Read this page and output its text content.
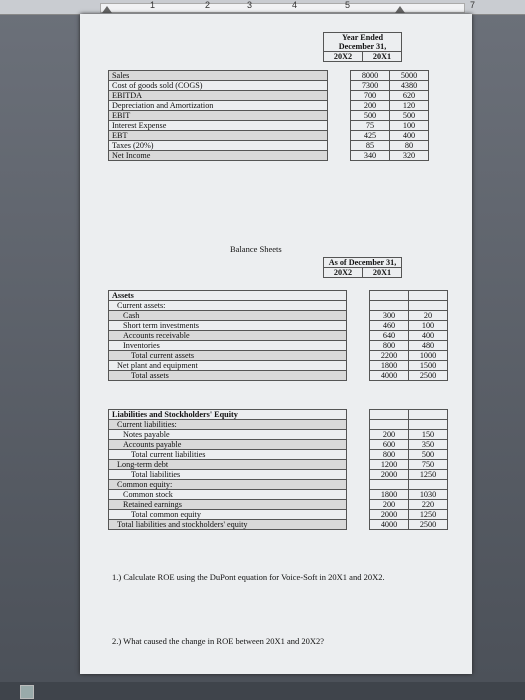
1	2	3	4	5	7
Year Ended
December 31,
20X2	20X1
Sales		8000	5000
Cost of goods sold (COGS)		7300	4380
EBITDA		700	620
Depreciation and Amortization		200	120
EBIT		500	500
Interest Expense		75	100
EBT		425	400
Taxes (20%)		85	80
Net Income		340	320
Balance Sheets
As of December 31,
20X2	20X1
Assets			
Current assets:			
Cash		300	20
Short term investments		460	100
Accounts receivable		640	400
Inventories		800	480
Total current assets		2200	1000
Net plant and equipment		1800	1500
Total assets		4000	2500
Liabilities and Stockholders' Equity			
Current liabilities:			
Notes payable		200	150
Accounts payable		600	350
Total current liabilities		800	500
Long-term debt		1200	750
Total liabilities		2000	1250
Common equity:			
Common stock		1800	1030
Retained earnings		200	220
Total common equity		2000	1250
Total liabilities and stockholders' equity		4000	2500
1.) Calculate ROE using the DuPont equation for Voice-Soft in 20X1 and 20X2.
2.) What caused the change in ROE between 20X1 and 20X2?
